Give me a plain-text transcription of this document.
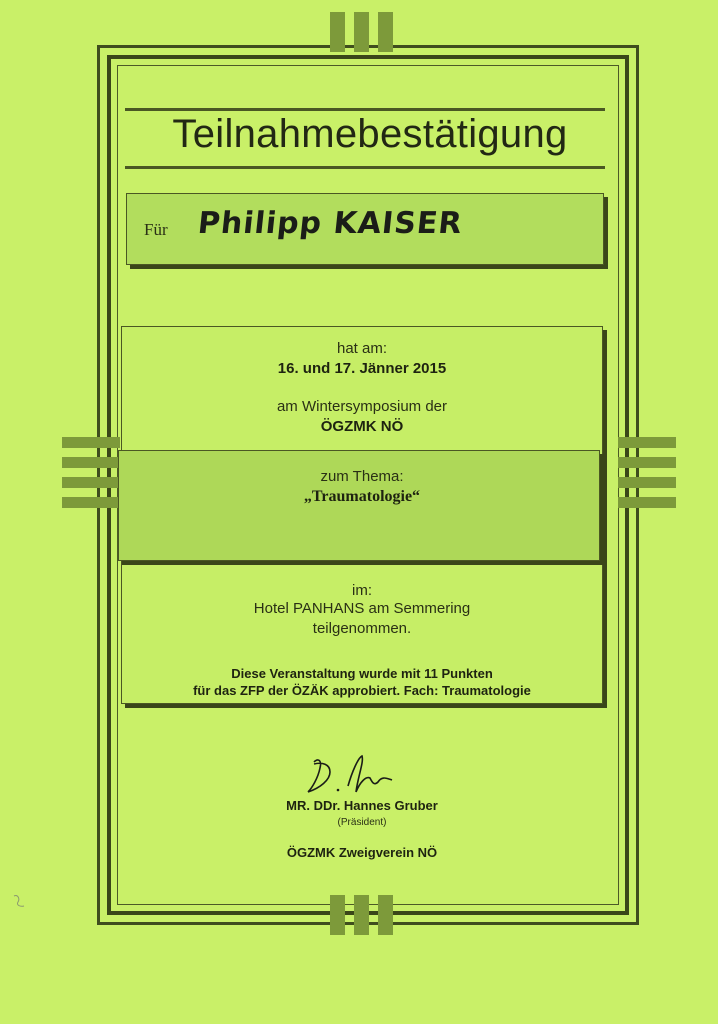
Teilnahmebestätigung
Für Philipp KAISER
hat am:
16. und 17. Jänner 2015
am Wintersymposium der
ÖGZMK NÖ
zum Thema:
„Traumatologie“
im:
Hotel PANHANS am Semmering
teilgenommen.
Diese Veranstaltung wurde mit 11 Punkten
für das ZFP der ÖZÄK approbiert. Fach: Traumatologie
MR. DDr. Hannes Gruber
(Präsident)
ÖGZMK Zweigverein NÖ
